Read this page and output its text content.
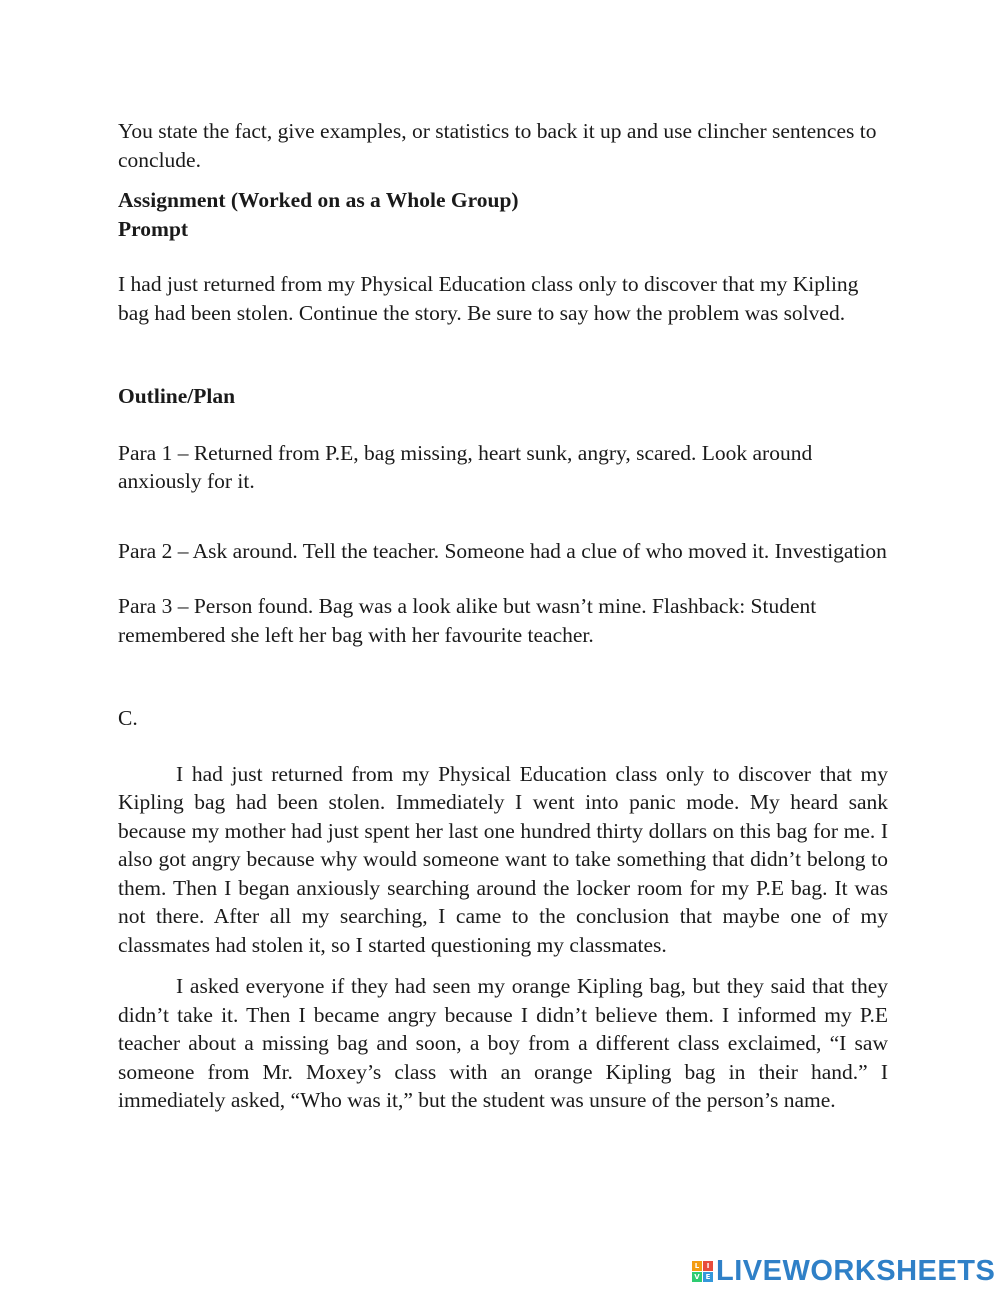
You state the fact, give examples, or statistics to back it up and use clincher sentences to conclude.

Assignment (Worked on as a Whole Group)

Prompt

I had just returned from my Physical Education class only to discover that my Kipling bag had been stolen. Continue the story. Be sure to say how the problem was solved.

Outline/Plan

Para 1 – Returned from P.E, bag missing, heart sunk, angry, scared. Look around anxiously for it.

Para 2 – Ask around. Tell the teacher. Someone had a clue of who moved it. Investigation

Para 3 – Person found. Bag was a look alike but wasn’t mine. Flashback: Student remembered she left her bag with her favourite teacher.

C.

I had just returned from my Physical Education class only to discover that my Kipling bag had been stolen. Immediately I went into panic mode. My heard sank because my mother had just spent her last one hundred thirty dollars on this bag for me. I also got angry because why would someone want to take something that didn’t belong to them. Then I began anxiously searching around the locker room for my P.E bag. It was not there. After all my searching, I came to the conclusion that maybe one of my classmates had stolen it, so I started questioning my classmates.

I asked everyone if they had seen my orange Kipling bag, but they said that they didn’t take it. Then I became angry because I didn’t believe them. I informed my P.E teacher about a missing bag and soon, a boy from a different class exclaimed, “I saw someone from Mr. Moxey’s class with an orange Kipling bag in their hand.” I immediately asked, “Who was it,” but the student was unsure of the person’s name.

L	I
V E LIVEWORKSHEETS
